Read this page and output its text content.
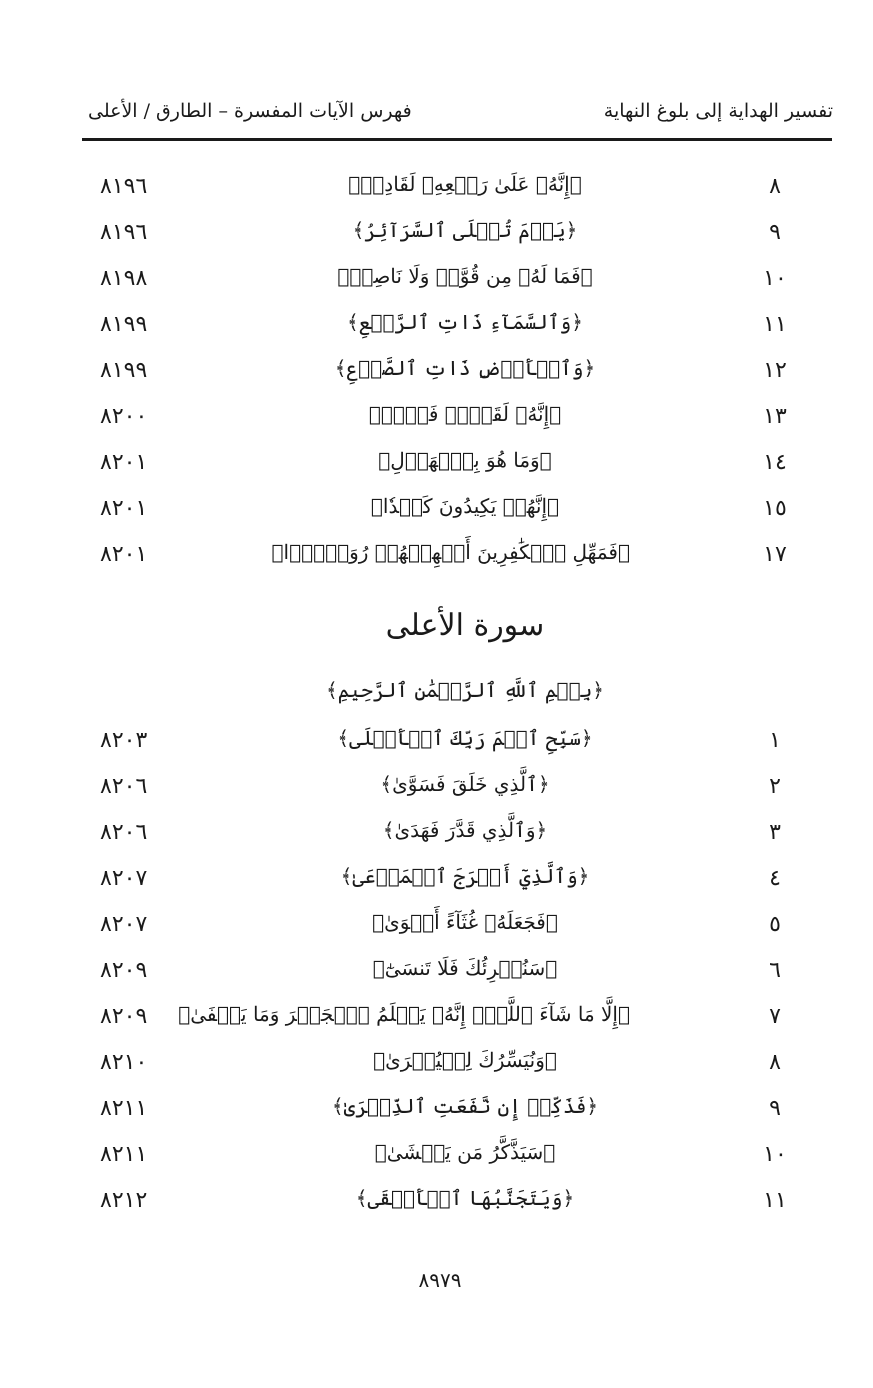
تفسير الهداية إلى بلوغ النهاية
فهرس الآيات المفسرة – الطارق / الأعلى
٨
﴿إِنَّهُۥ عَلَىٰ رَجۡعِهِۦ لَقَادِرٞ﴾
٨١٩٦
٩
﴿يَوۡمَ تُبۡلَى ٱلسَّرَآئِرُ﴾
٨١٩٦
١٠
﴿فَمَا لَهُۥ مِن قُوَّةٖ وَلَا نَاصِرٖ﴾
٨١٩٨
١١
﴿وَٱلسَّمَآءِ ذَاتِ ٱلرَّجۡعِ﴾
٨١٩٩
١٢
﴿وَٱلۡأَرۡضِ ذَاتِ ٱلصَّدۡعِ﴾
٨١٩٩
١٣
﴿إِنَّهُۥ لَقَوۡلٞ فَصۡلٞ﴾
٨٢٠٠
١٤
﴿وَمَا هُوَ بِٱلۡهَزۡلِ﴾
٨٢٠١
١٥
﴿إِنَّهُمۡ يَكِيدُونَ كَيۡدٗا﴾
٨٢٠١
١٧
﴿فَمَهِّلِ ٱلۡكَٰفِرِينَ أَمۡهِلۡهُمۡ رُوَيۡدَۢا﴾
٨٢٠١
سورة الأعلى
﴿بِسۡمِ ٱللَّهِ ٱلرَّحۡمَٰنِ ٱلرَّحِيمِ﴾
١
﴿سَبِّحِ ٱسۡمَ رَبِّكَ ٱلۡأَعۡلَى﴾
٨٢٠٣
٢
﴿ٱلَّذِي خَلَقَ فَسَوَّىٰ﴾
٨٢٠٦
٣
﴿وَٱلَّذِي قَدَّرَ فَهَدَىٰ﴾
٨٢٠٦
٤
﴿وَٱلَّذِيٓ أَخۡرَجَ ٱلۡمَرۡعَىٰ﴾
٨٢٠٧
٥
﴿فَجَعَلَهُۥ غُثَآءً أَحۡوَىٰ﴾
٨٢٠٧
٦
﴿سَنُقۡرِئُكَ فَلَا تَنسَىٰٓ﴾
٨٢٠٩
٧
﴿إِلَّا مَا شَآءَ ٱللَّهُۚ إِنَّهُۥ يَعۡلَمُ ٱلۡجَهۡرَ وَمَا يَخۡفَىٰ﴾
٨٢٠٩
٨
﴿وَنُيَسِّرُكَ لِلۡيُسۡرَىٰ﴾
٨٢١٠
٩
﴿فَذَكِّرۡ إِن نَّفَعَتِ ٱلذِّكۡرَىٰ﴾
٨٢١١
١٠
﴿سَيَذَّكَّرُ مَن يَخۡشَىٰ﴾
٨٢١١
١١
﴿وَيَتَجَنَّبُهَا ٱلۡأَشۡقَى﴾
٨٢١٢
٨٩٧٩
